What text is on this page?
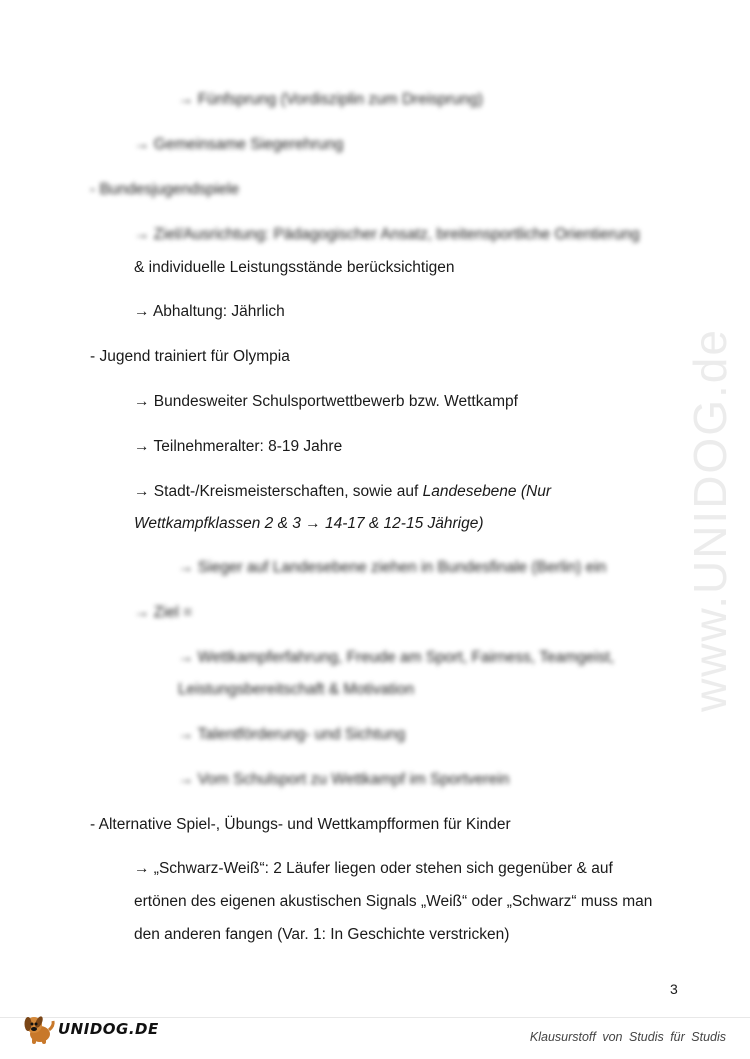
www.UNIDOG.de
→ Fünfsprung (Vordisziplin zum Dreisprung)
→ Gemeinsame Siegerehrung
- Bundesjugendspiele
→ Ziel/Ausrichtung: Pädagogischer Ansatz, breitensportliche Orientierung
& individuelle Leistungsstände berücksichtigen
→ Abhaltung: Jährlich
- Jugend trainiert für Olympia
→ Bundesweiter Schulsportwettbewerb bzw. Wettkampf
→ Teilnehmeralter: 8-19 Jahre
→ Stadt-/Kreismeisterschaften, sowie auf Landesebene (Nur
Wettkampfklassen 2 & 3 → 14-17 & 12-15 Jährige)
→ Sieger auf Landesebene ziehen in Bundesfinale (Berlin) ein
→ Ziel =
→ Wettkampferfahrung, Freude am Sport, Fairness, Teamgeist,
Leistungsbereitschaft & Motivation
→ Talentförderung- und Sichtung
→ Vom Schulsport zu Wettkampf im Sportverein
- Alternative Spiel-, Übungs- und Wettkampfformen für Kinder
→ „Schwarz-Weiß“: 2 Läufer liegen oder stehen sich gegenüber & auf
ertönen des eigenen akustischen Signals „Weiß“ oder „Schwarz“ muss man
den anderen fangen (Var. 1: In Geschichte verstricken)
3
UNIDOG.DE	Klausurstoff von Studis für Studis
